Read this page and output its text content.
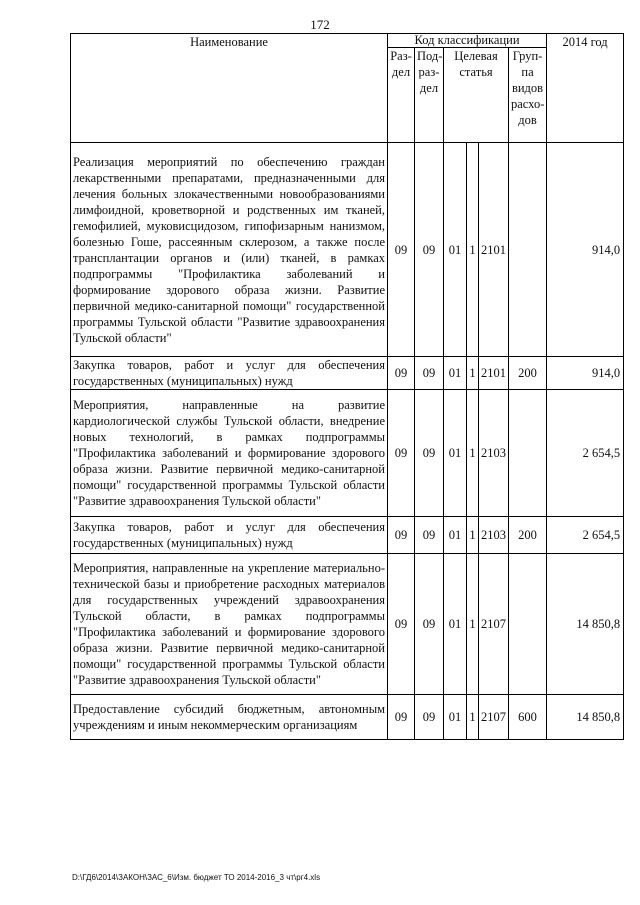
172
Наименование	Код классификации						2014 год
	Раз-дел	Под-раз-дел	Целевая статья			Груп-па видов расхо-дов	
Реализация мероприятий по обеспечению граждан лекарственными препаратами, предназначенными для лечения больных злокачественными новообразованиями лимфоидной, кроветворной и родственных им тканей, гемофилией, муковисцидозом, гипофизарным нанизмом, болезнью Гоше, рассеянным склерозом, а также после трансплантации органов и (или) тканей, в рамках подпрограммы "Профилактика заболеваний и формирование здорового образа жизни. Развитие первичной медико-санитарной помощи" государственной программы Тульской области "Развитие здравоохранения Тульской области"	09	09	01	1	2101		914,0
Закупка товаров, работ и услуг для обеспечения государственных (муниципальных) нужд	09	09	01	1	2101	200	914,0
Мероприятия, направленные на развитие кардиологической службы Тульской области, внедрение новых технологий, в рамках подпрограммы "Профилактика заболеваний и формирование здорового образа жизни. Развитие первичной медико-санитарной помощи" государственной программы Тульской области "Развитие здравоохранения Тульской области"	09	09	01	1	2103		2 654,5
Закупка товаров, работ и услуг для обеспечения государственных (муниципальных) нужд	09	09	01	1	2103	200	2 654,5
Мероприятия, направленные на укрепление материально-технической базы и приобретение расходных материалов для государственных учреждений здравоохранения Тульской области, в рамках подпрограммы "Профилактика заболеваний и формирование здорового образа жизни. Развитие первичной медико-санитарной помощи" государственной программы Тульской области "Развитие здравоохранения Тульской области"	09	09	01	1	2107		14 850,8
Предоставление субсидий бюджетным, автономным учреждениям и иным некоммерческим организациям	09	09	01	1	2107	600	14 850,8
D:\ГД6\2014\ЗАКОН\ЗАС_6\Изм. бюджет ТО 2014-2016_3 чт\рг4.xls
